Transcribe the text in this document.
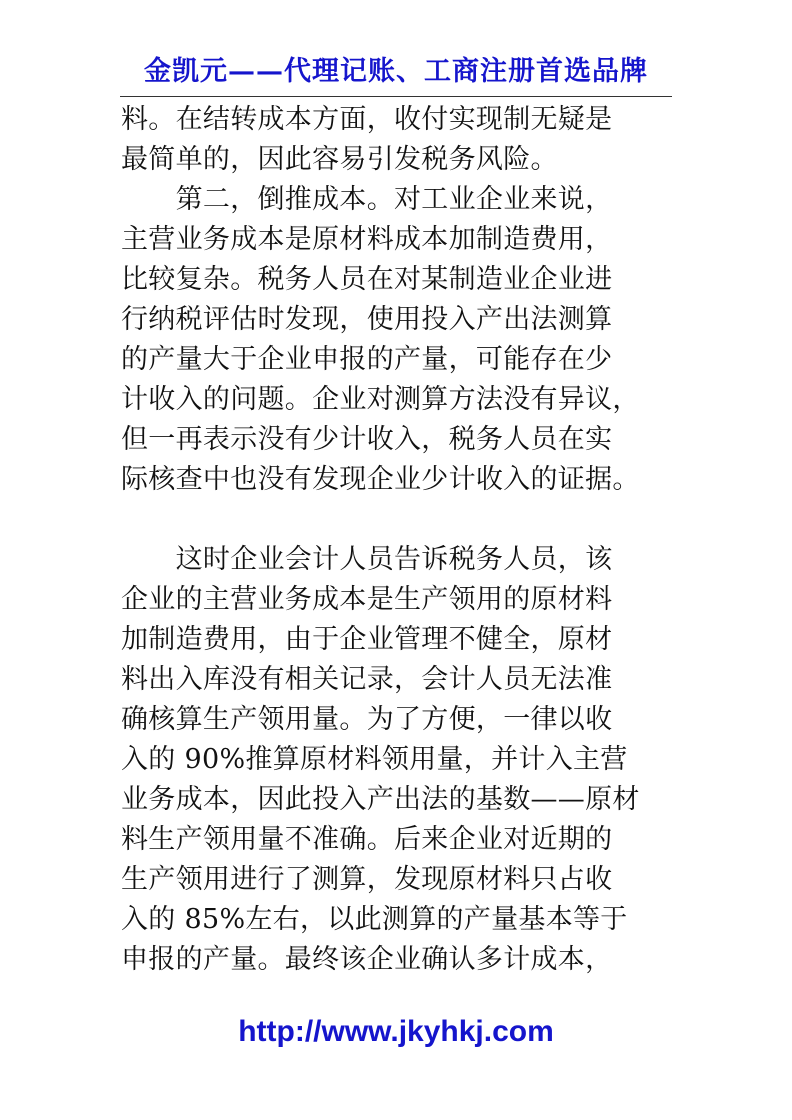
金凯元——代理记账、工商注册首选品牌
料。在结转成本方面，收付实现制无疑是
最简单的，因此容易引发税务风险。
　　第二，倒推成本。对工业企业来说，
主营业务成本是原材料成本加制造费用，
比较复杂。税务人员在对某制造业企业进
行纳税评估时发现，使用投入产出法测算
的产量大于企业申报的产量，可能存在少
计收入的问题。企业对测算方法没有异议，
但一再表示没有少计收入，税务人员在实
际核查中也没有发现企业少计收入的证据。
　　这时企业会计人员告诉税务人员，该
企业的主营业务成本是生产领用的原材料
加制造费用，由于企业管理不健全，原材
料出入库没有相关记录，会计人员无法准
确核算生产领用量。为了方便，一律以收
入的 90%推算原材料领用量，并计入主营
业务成本，因此投入产出法的基数——原材
料生产领用量不准确。后来企业对近期的
生产领用进行了测算，发现原材料只占收
入的 85%左右，以此测算的产量基本等于
申报的产量。最终该企业确认多计成本，
http://www.jkyhkj.com
